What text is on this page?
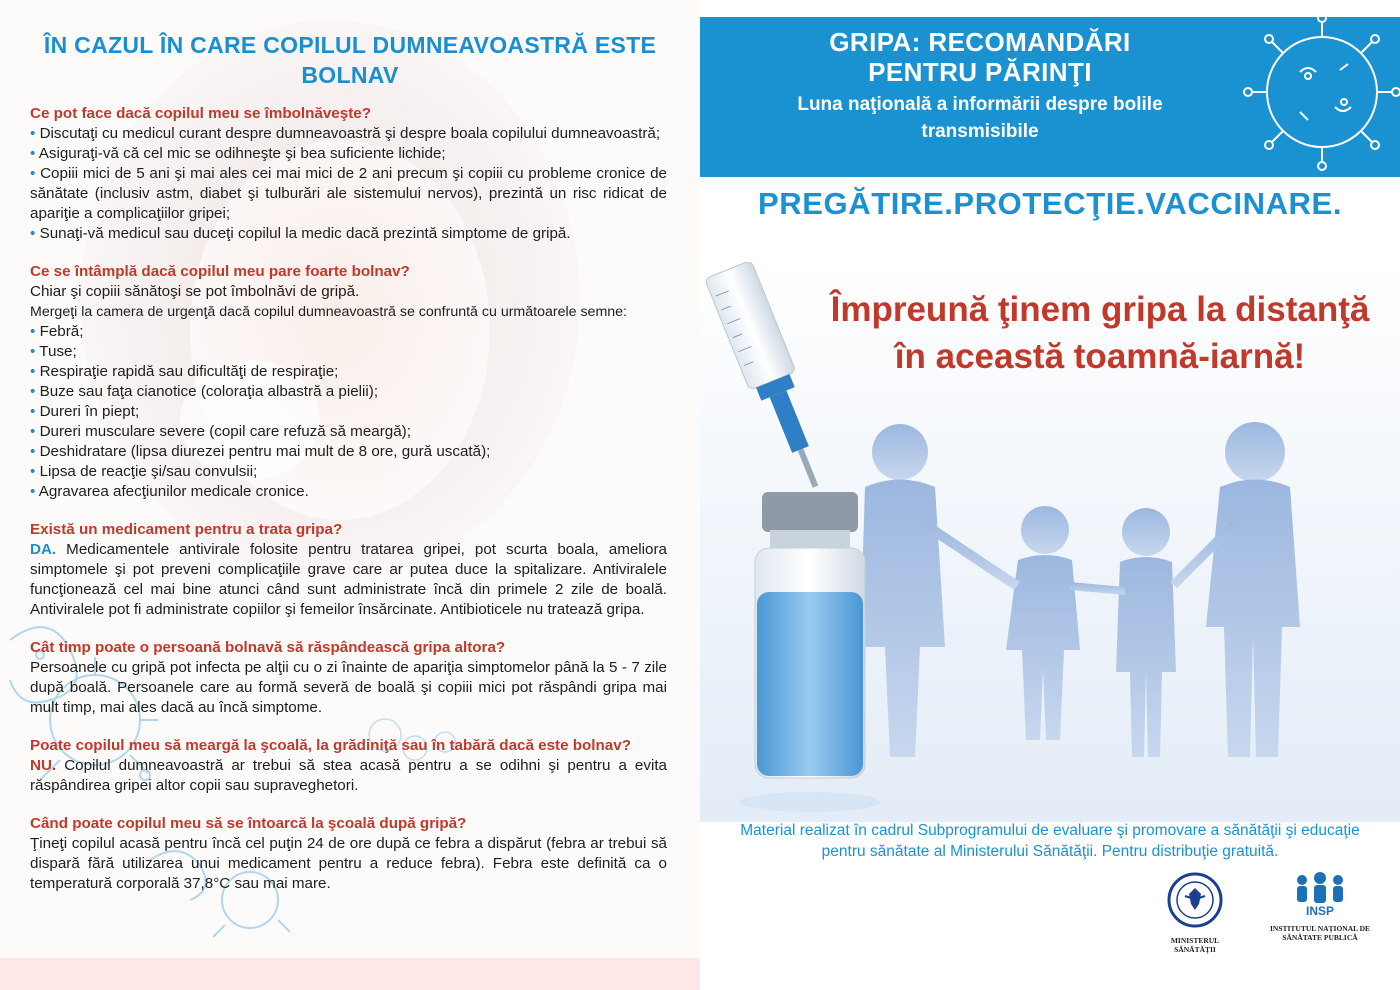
ÎN CAZUL ÎN CARE COPILUL DUMNEAVOASTRĂ ESTE BOLNAV
Ce pot face dacă copilul meu se îmbolnăveşte?
• Discutaţi cu medicul curant despre dumneavoastră şi despre boala copilului dumneavoastră;
• Asiguraţi-vă că cel mic se odihneşte şi bea suficiente lichide;
• Copiii mici de 5 ani şi mai ales cei mai mici de 2 ani precum şi copiii cu probleme cronice de sănătate (inclusiv astm, diabet şi tulburări ale sistemului nervos), prezintă un risc ridicat de apariţie a complicaţiilor gripei;
• Sunaţi-vă medicul sau duceţi copilul la medic dacă prezintă simptome de gripă.
Ce se întâmplă dacă copilul meu pare foarte bolnav?
Chiar şi copiii sănătoşi se pot îmbolnăvi de gripă.
Mergeţi la camera de urgenţă dacă copilul dumneavoastră se confruntă cu următoarele semne:
• Febră;
• Tuse;
• Respiraţie rapidă sau dificultăţi de respiraţie;
• Buze sau faţa cianotice (coloraţia albastră a pielii);
• Dureri în piept;
• Dureri musculare severe (copil care refuză să meargă);
• Deshidratare (lipsa diurezei pentru mai mult de 8 ore, gură uscată);
• Lipsa de reacţie şi/sau convulsii;
• Agravarea afecţiunilor medicale cronice.
Există un medicament pentru a trata gripa?
DA. Medicamentele antivirale folosite pentru tratarea gripei, pot scurta boala, ameliora simptomele şi pot preveni complicaţiile grave care ar putea duce la spitalizare. Antiviralele funcţionează cel mai bine atunci când sunt administrate încă din primele 2 zile de boală. Antiviralele pot fi administrate copiilor şi femeilor însărcinate. Antibioticele nu tratează gripa.
Cât timp poate o persoană bolnavă să răspândească gripa altora?
Persoanele cu gripă pot infecta pe alţii cu o zi înainte de apariţia simptomelor până la 5 - 7 zile după boală. Persoanele care au formă severă de boală şi copiii mici pot răspândi gripa mai mult timp, mai ales dacă au încă simptome.
Poate copilul meu să meargă la şcoală, la grădiniţă sau în tabără dacă este bolnav?
NU. Copilul dumneavoastră ar trebui să stea acasă pentru a se odihni şi pentru a evita răspândirea gripei altor copii sau supraveghetori.
Când poate copilul meu să se întoarcă la şcoală după gripă?
Ţineţi copilul acasă pentru încă cel puţin 24 de ore după ce febra a dispărut (febra ar trebui să dispară fără utilizarea unui medicament pentru a reduce febra). Febra este definită ca o temperatură corporală 37,8°C sau mai mare.
GRIPA: RECOMANDĂRI PENTRU PĂRINŢI
Luna naţională a informării despre bolile transmisibile
PREGĂTIRE.PROTECŢIE.VACCINARE.
Împreună ţinem gripa la distanţă în această toamnă-iarnă!
Material realizat în cadrul Subprogramului de evaluare şi promovare a sănătăţii şi educaţie pentru sănătate al Ministerului Sănătăţii. Pentru distribuţie gratuită.
MINISTERUL SĂNĂTĂŢII
INSP
INSTITUTUL NAŢIONAL DE SĂNĂTATE PUBLICĂ
